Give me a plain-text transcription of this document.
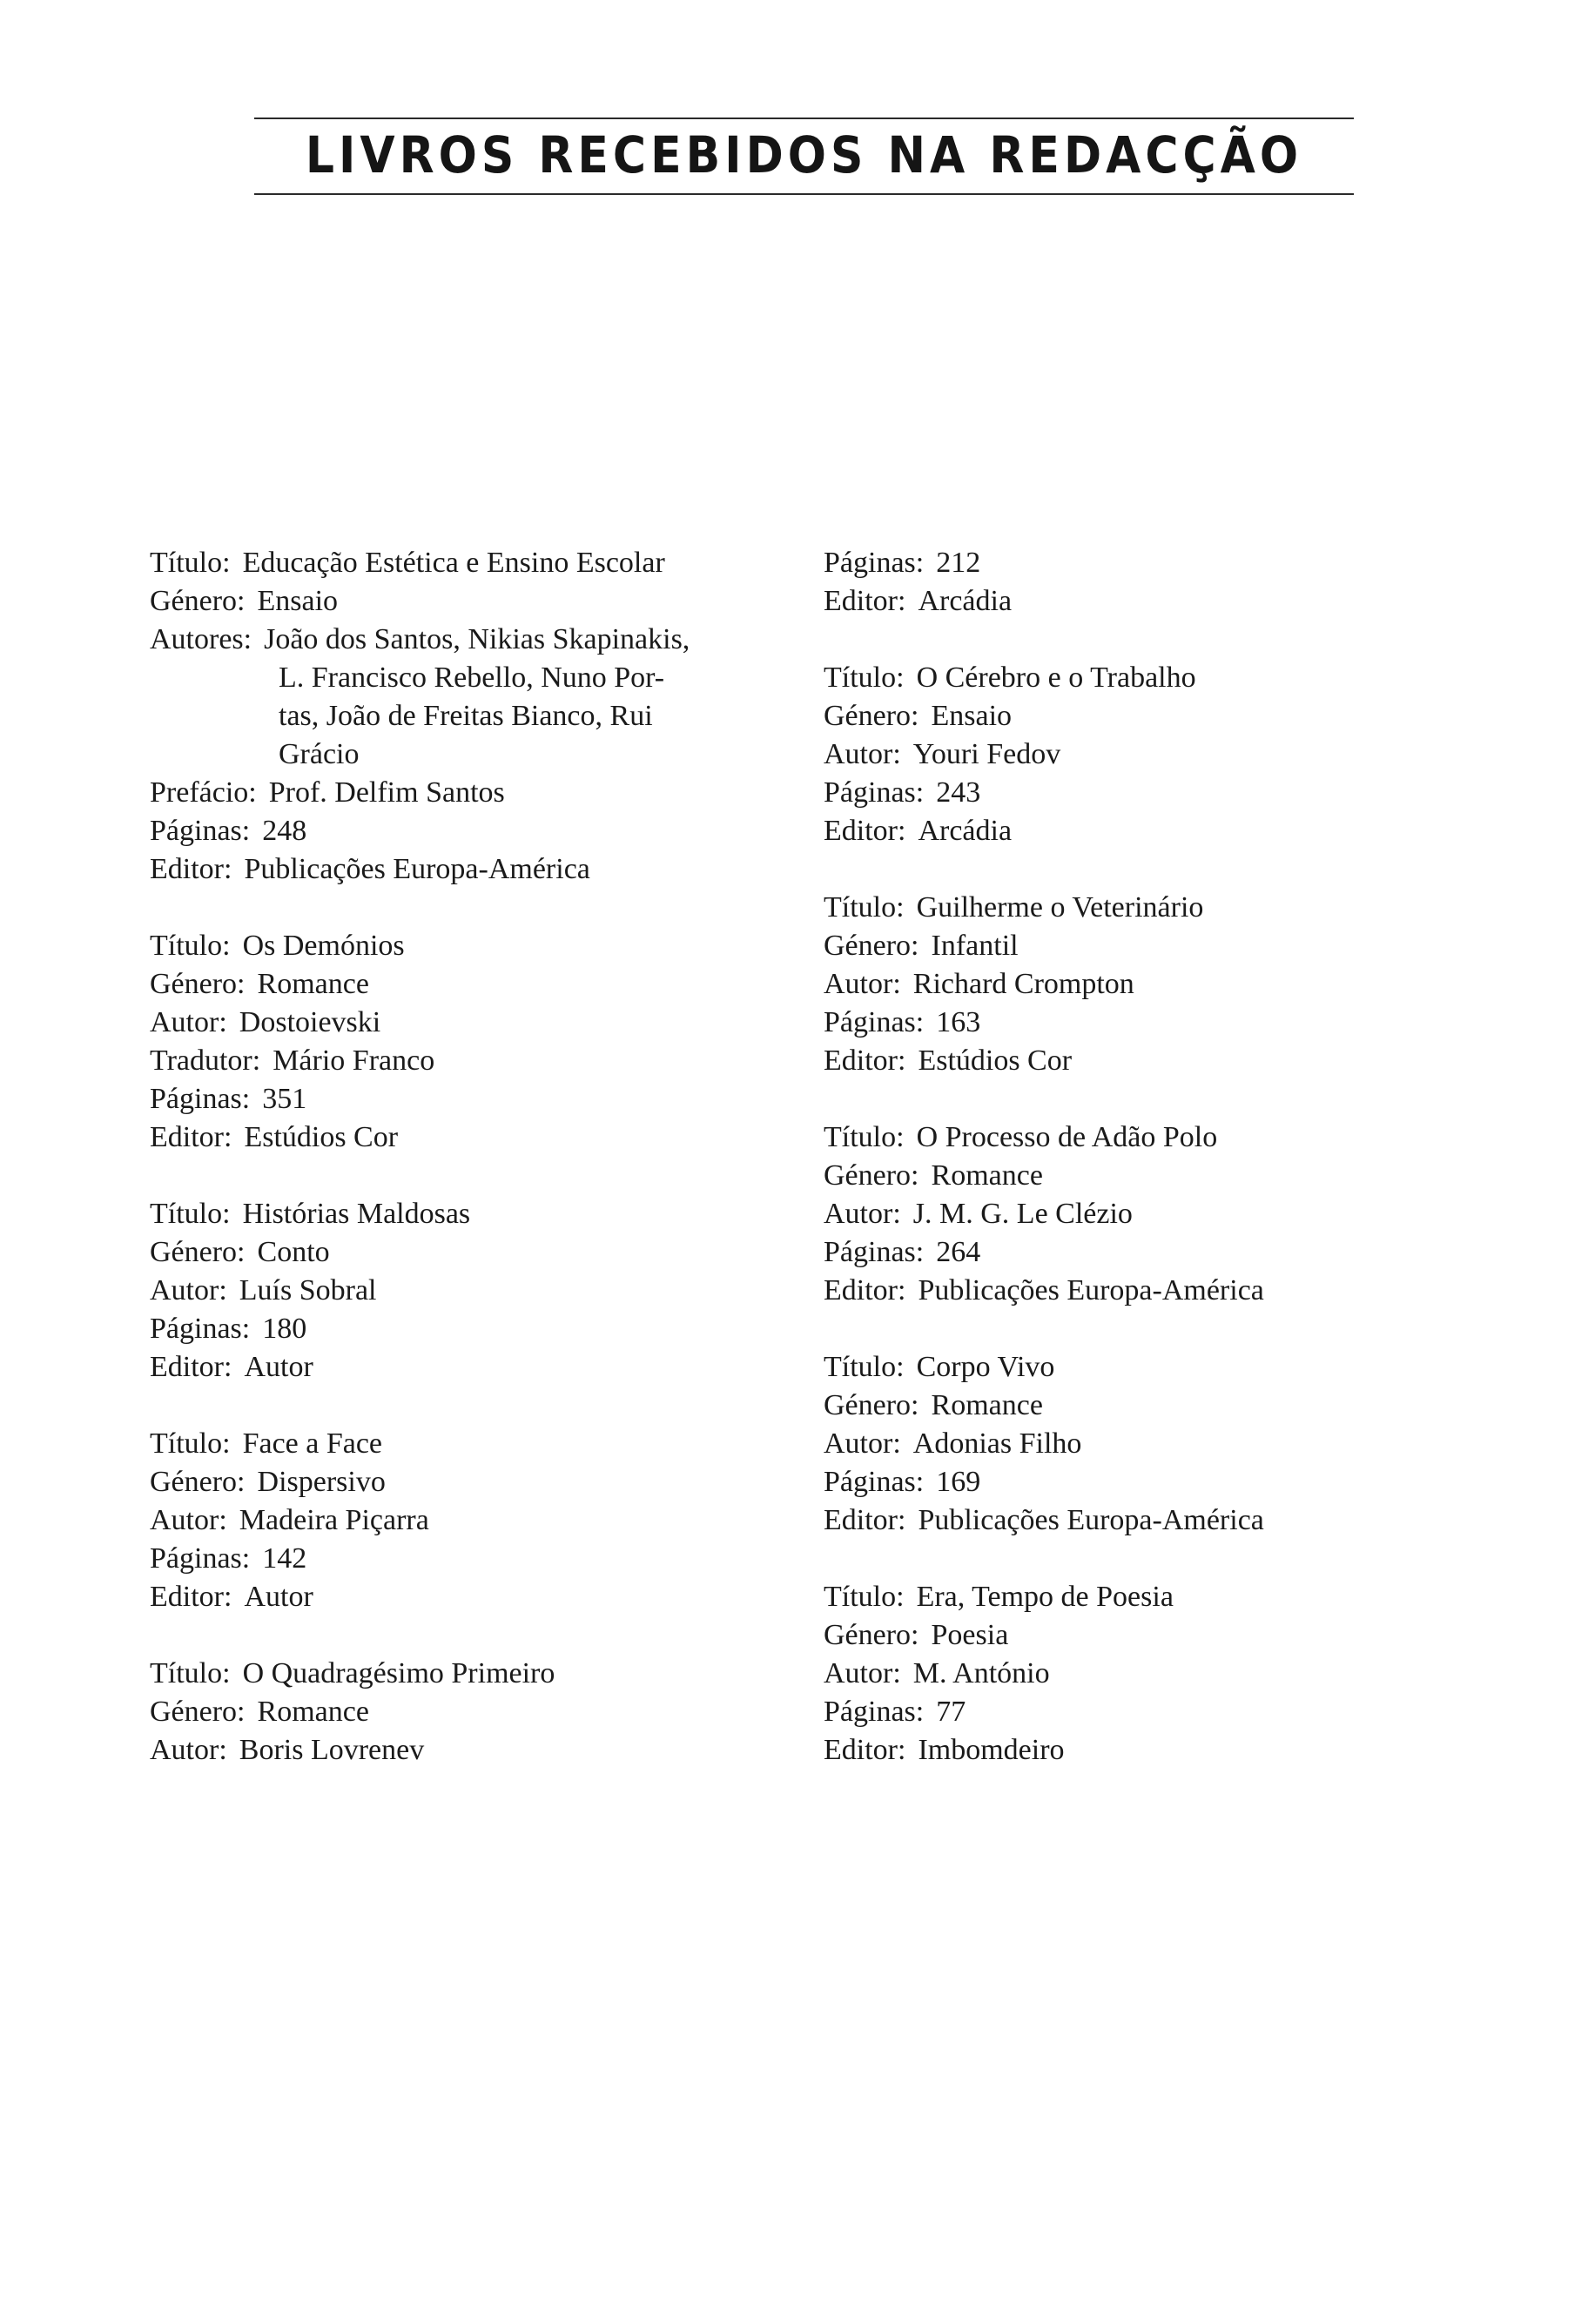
LIVROS RECEBIDOS NA REDACÇÃO
Título: Educação Estética e Ensino Escolar
Género: Ensaio
Autores: João dos Santos, Nikias Skapinakis,
L. Francisco Rebello, Nuno Por-
tas, João de Freitas Bianco, Rui
Grácio
Prefácio: Prof. Delfim Santos
Páginas: 248
Editor: Publicações Europa-América
Título: Os Demónios
Género: Romance
Autor: Dostoievski
Tradutor: Mário Franco
Páginas: 351
Editor: Estúdios Cor
Título: Histórias Maldosas
Género: Conto
Autor: Luís Sobral
Páginas: 180
Editor: Autor
Título: Face a Face
Género: Dispersivo
Autor: Madeira Piçarra
Páginas: 142
Editor: Autor
Título: O Quadragésimo Primeiro
Género: Romance
Autor: Boris Lovrenev
Páginas: 212
Editor: Arcádia
Título: O Cérebro e o Trabalho
Género: Ensaio
Autor: Youri Fedov
Páginas: 243
Editor: Arcádia
Título: Guilherme o Veterinário
Género: Infantil
Autor: Richard Crompton
Páginas: 163
Editor: Estúdios Cor
Título: O Processo de Adão Polo
Género: Romance
Autor: J. M. G. Le Clézio
Páginas: 264
Editor: Publicações Europa-América
Título: Corpo Vivo
Género: Romance
Autor: Adonias Filho
Páginas: 169
Editor: Publicações Europa-América
Título: Era, Tempo de Poesia
Género: Poesia
Autor: M. António
Páginas: 77
Editor: Imbomdeiro
